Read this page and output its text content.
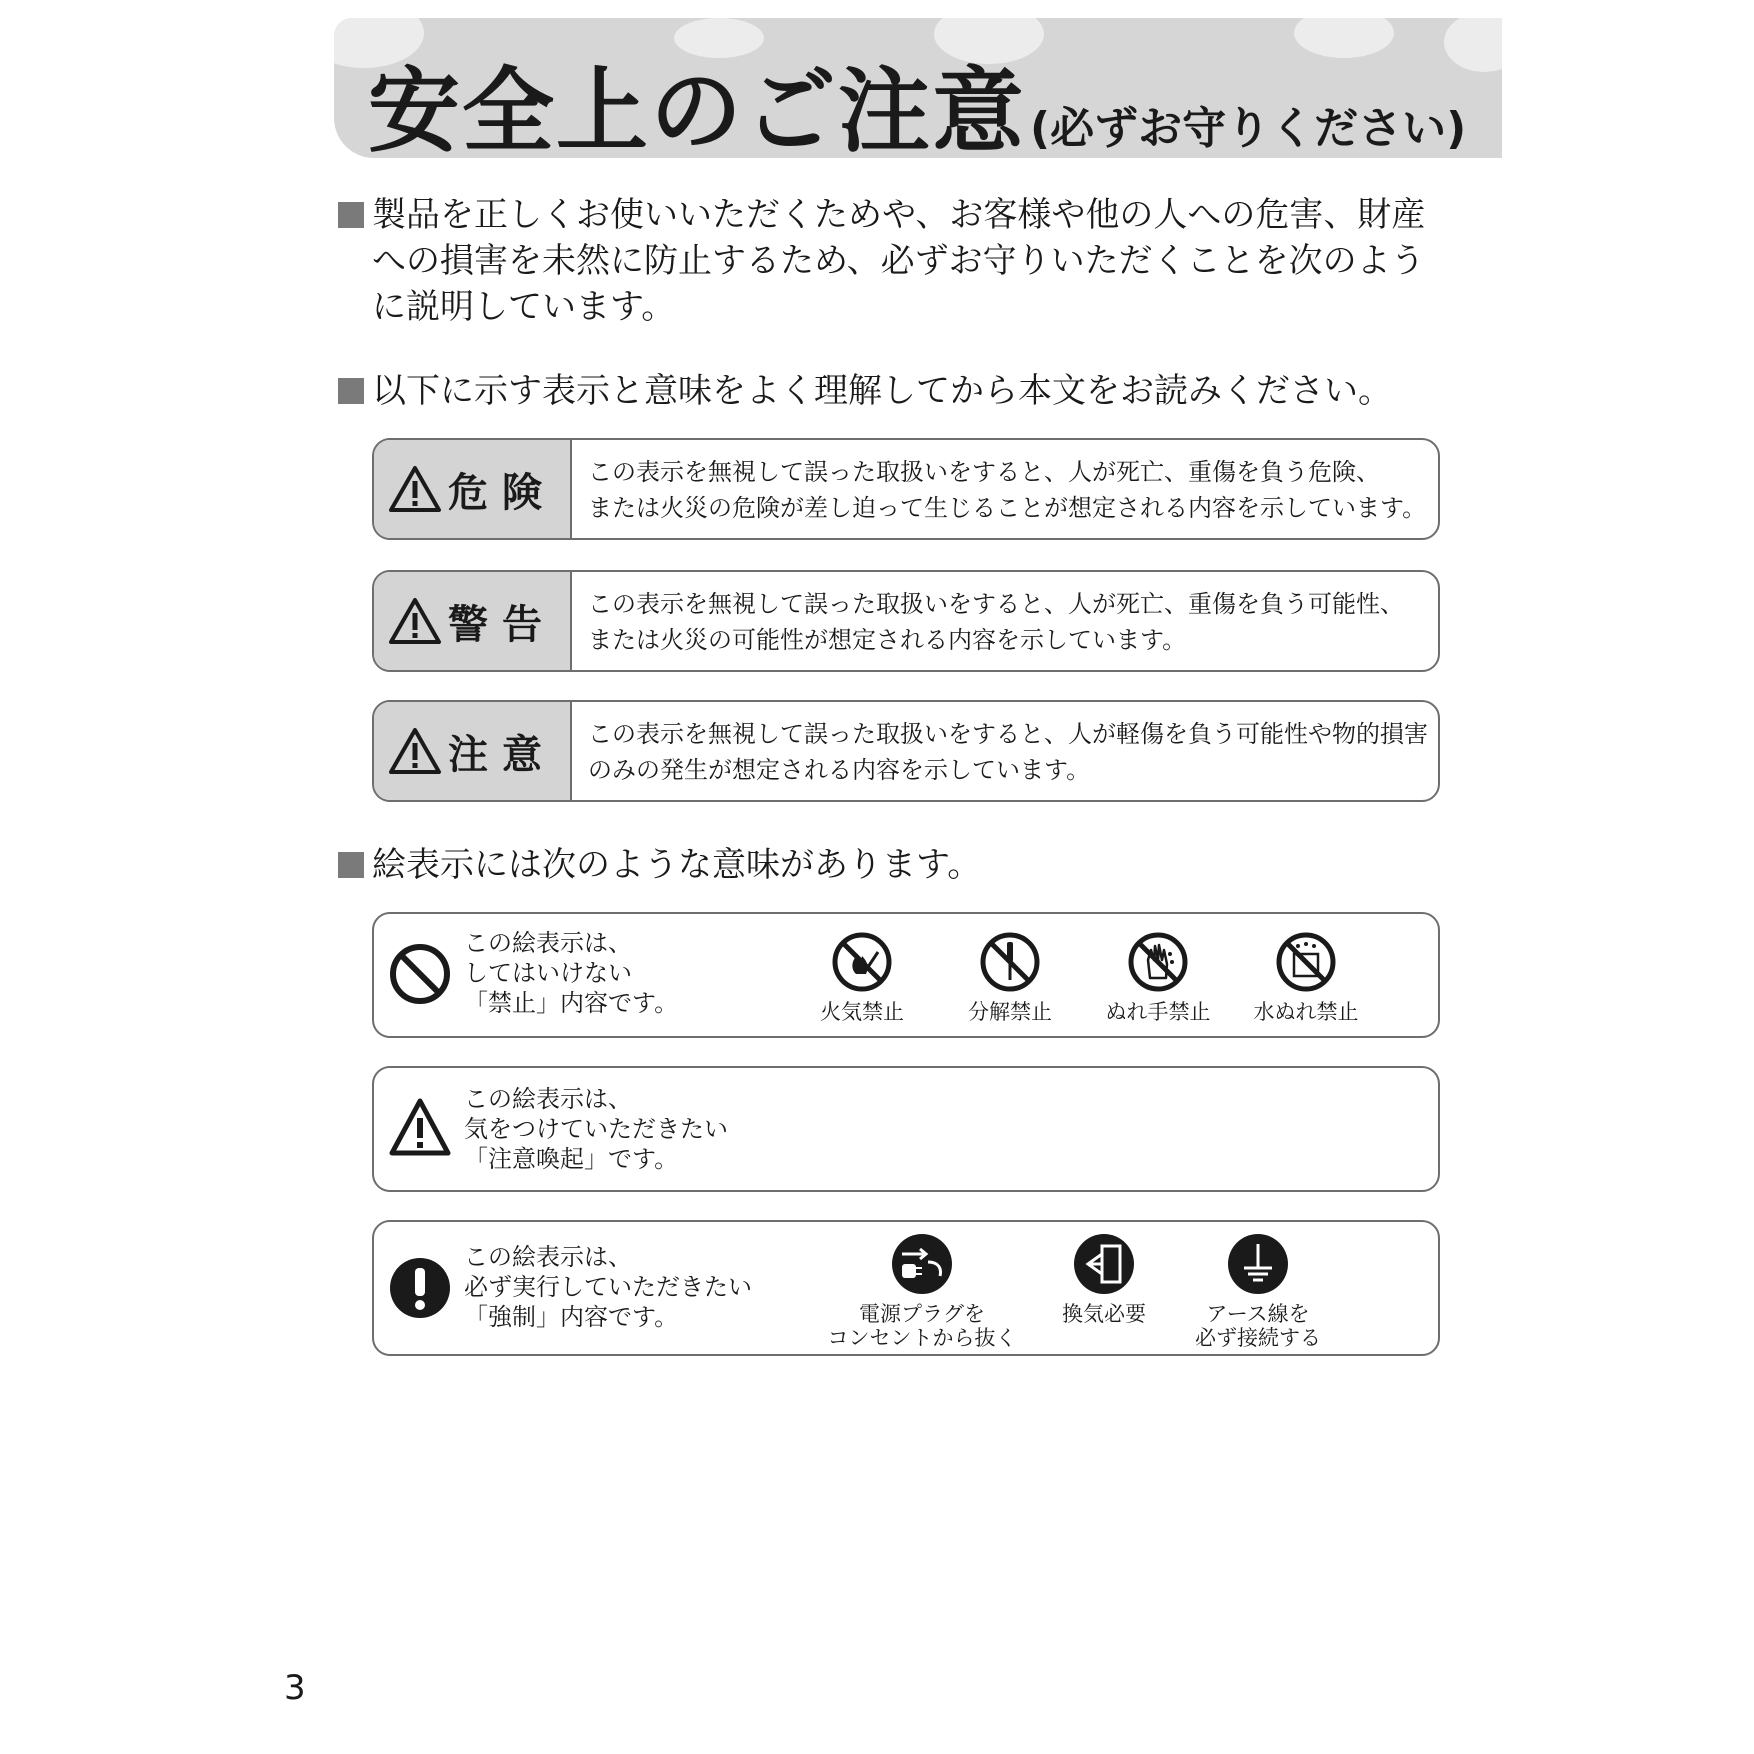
安全上のご注意 (必ずお守りください)
製品を正しくお使いいただくためや、お客様や他の人への危害、財産
への損害を未然に防止するため、必ずお守りいただくことを次のよう
に説明しています。
以下に示す表示と意味をよく理解してから本文をお読みください。
危険 この表示を無視して誤った取扱いをすると、人が死亡、重傷を負う危険、
または火災の危険が差し迫って生じることが想定される内容を示しています。
警告 この表示を無視して誤った取扱いをすると、人が死亡、重傷を負う可能性、
または火災の可能性が想定される内容を示しています。
注意 この表示を無視して誤った取扱いをすると、人が軽傷を負う可能性や物的損害
のみの発生が想定される内容を示しています。
絵表示には次のような意味があります。
この絵表示は、
してはいけない
「禁止」内容です。	火気禁止	分解禁止	ぬれ手禁止	水ぬれ禁止
この絵表示は、
気をつけていただきたい
「注意喚起」です。
この絵表示は、
必ず実行していただきたい
「強制」内容です。	電源プラグを
コンセントから抜く
換気必要	アース線を
必ず接続する
3
